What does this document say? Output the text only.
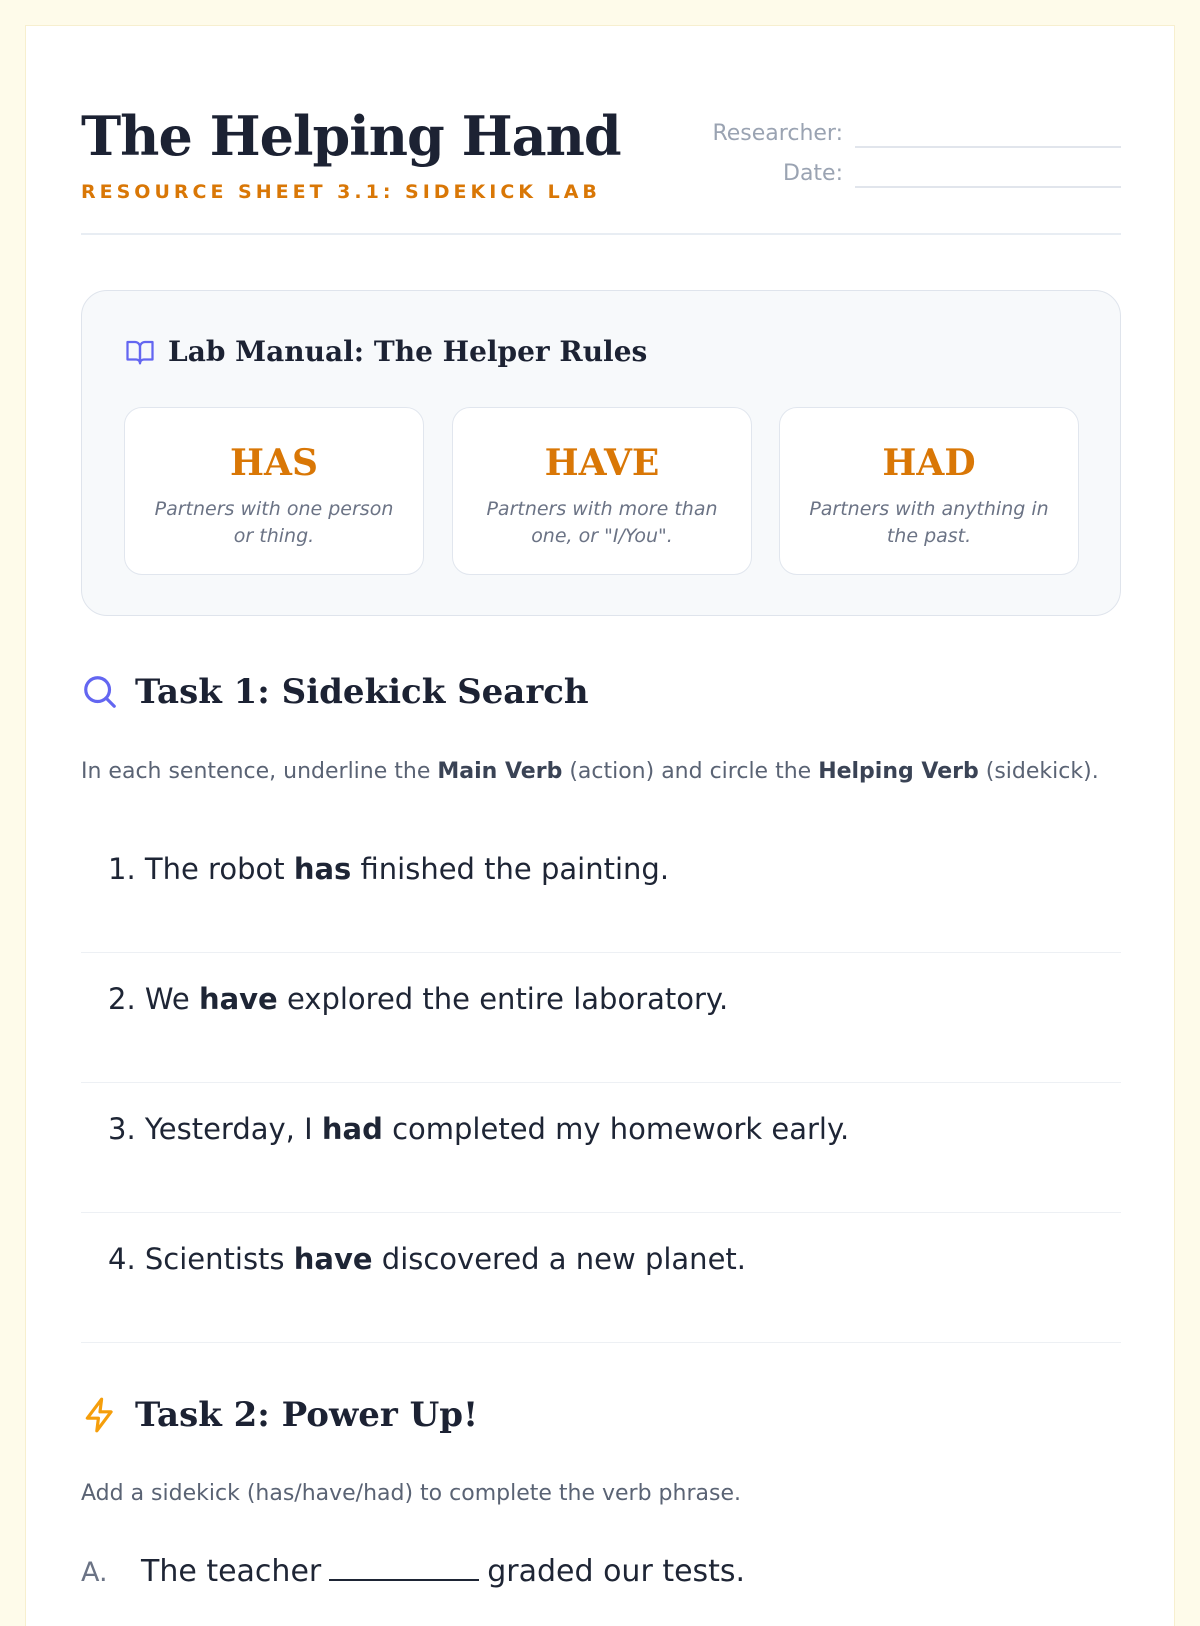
The Helping Hand
RESOURCE SHEET 3.1: SIDEKICK LAB
Researcher:
Date:
Lab Manual: The Helper Rules
HAS
Partners with one person or thing.
HAVE
Partners with more than one, or "I/You".
HAD
Partners with anything in the past.
Task 1: Sidekick Search
In each sentence, underline the Main Verb (action) and circle the Helping Verb (sidekick).
1. The robot has finished the painting.
2. We have explored the entire laboratory.
3. Yesterday, I had completed my homework early.
4. Scientists have discovered a new planet.
Task 2: Power Up!
Add a sidekick (has/have/had) to complete the verb phrase.
A.	The teacher	graded our tests.
